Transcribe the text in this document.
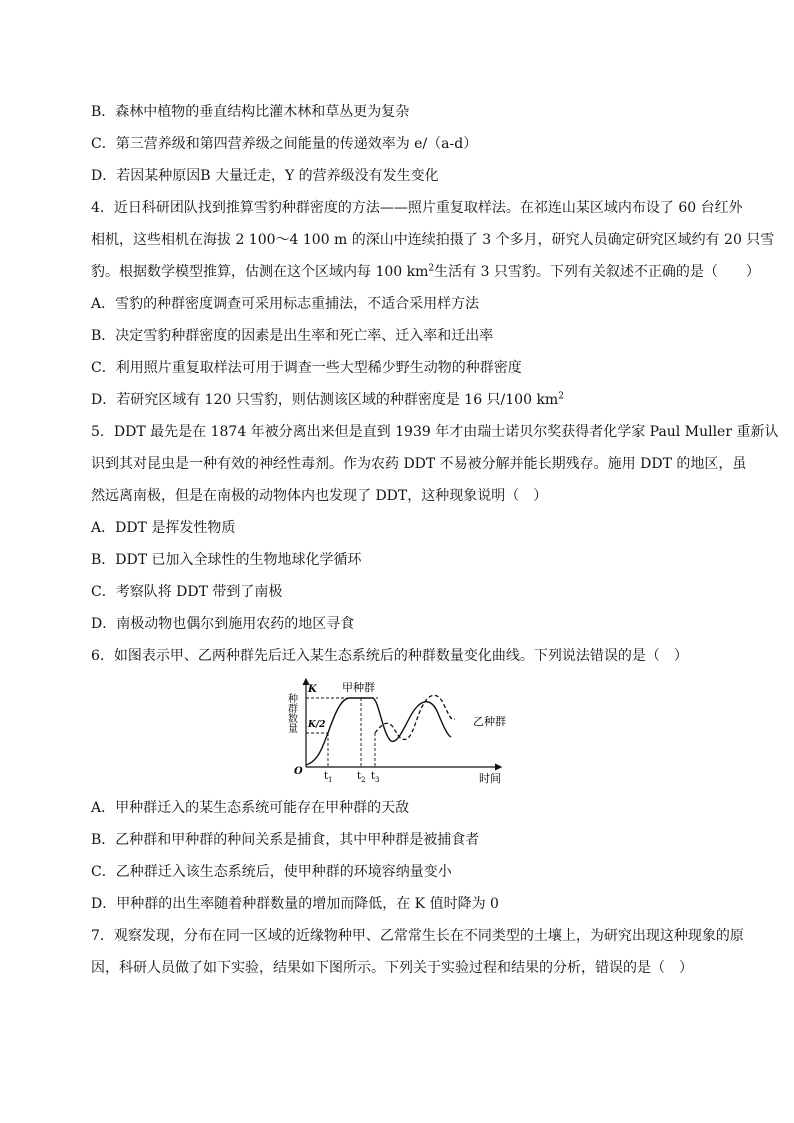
B．森林中植物的垂直结构比灌木林和草丛更为复杂
C．第三营养级和第四营养级之间能量的传递效率为 e/（a-d）
D．若因某种原因B 大量迁走，Y 的营养级没有发生变化
4．近日科研团队找到推算雪豹种群密度的方法——照片重复取样法。在祁连山某区域内布设了 60 台红外
相机，这些相机在海拔 2 100～4 100 m 的深山中连续拍摄了 3 个多月，研究人员确定研究区域约有 20 只雪
豹。根据数学模型推算，估测在这个区域内每 100 $km^2$生活有 3 只雪豹。下列有关叙述不正确的是（　　）
A．雪豹的种群密度调查可采用标志重捕法，不适合采用样方法
B．决定雪豹种群密度的因素是出生率和死亡率、迁入率和迁出率
C．利用照片重复取样法可用于调查一些大型稀少野生动物的种群密度
D．若研究区域有 120 只雪豹，则估测该区域的种群密度是 16 只/100 $km^2$
5．DDT 最先是在 1874 年被分离出来但是直到 1939 年才由瑞士诺贝尔奖获得者化学家 Paul Muller 重新认
识到其对昆虫是一种有效的神经性毒剂。作为农药 DDT 不易被分解并能长期残存。施用 DDT 的地区，虽
然远离南极，但是在南极的动物体内也发现了 DDT，这种现象说明（　）
A．DDT 是挥发性物质
B．DDT 已加入全球性的生物地球化学循环
C．考察队将 DDT 带到了南极
D．南极动物也偶尔到施用农药的地区寻食
6．如图表示甲、乙两种群先后迁入某生态系统后的种群数量变化曲线。下列说法错误的是（　）
种群数量
K
K/2
O
甲种群
乙种群
$t_1$ $t_2$ $t_3$	时间
A．甲种群迁入的某生态系统可能存在甲种群的天敌
B．乙种群和甲种群的种间关系是捕食，其中甲种群是被捕食者
C．乙种群迁入该生态系统后，使甲种群的环境容纳量变小
D．甲种群的出生率随着种群数量的增加而降低，在 K 值时降为 0
7．观察发现，分布在同一区域的近缘物种甲、乙常常生长在不同类型的土壤上，为研究出现这种现象的原
因，科研人员做了如下实验，结果如下图所示。下列关于实验过程和结果的分析，错误的是（　）
